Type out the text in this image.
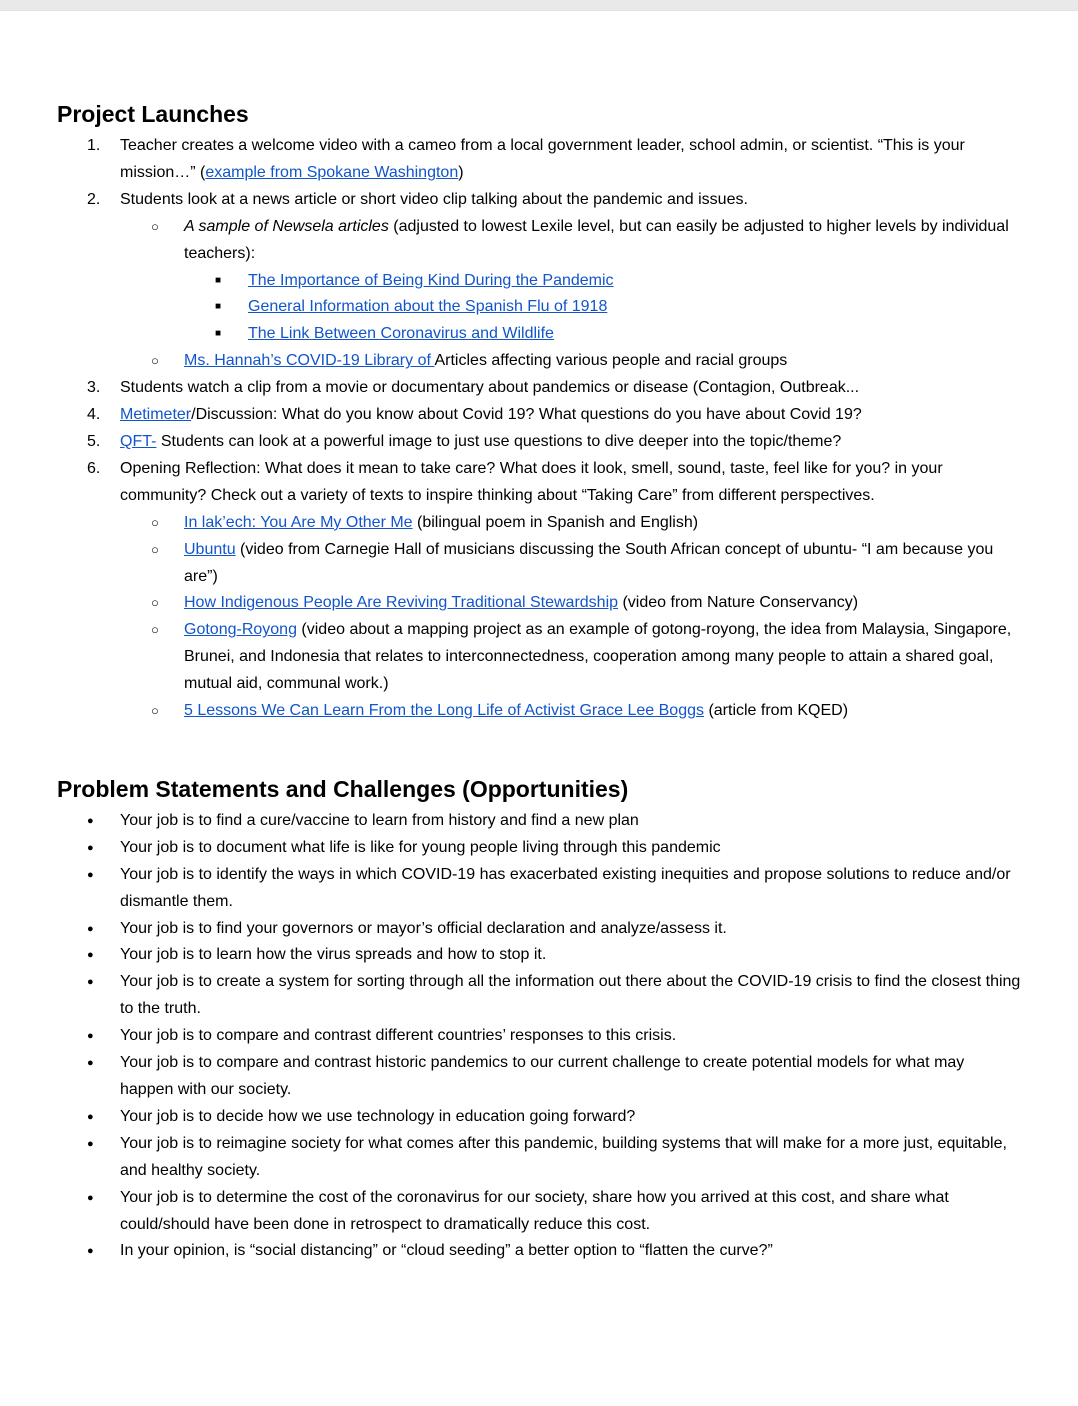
Project Launches
1.	Teacher creates a welcome video with a cameo from a local government leader, school admin, or scientist. “This is your mission…” (example from Spokane Washington)
2.	Students look at a news article or short video clip talking about the pandemic and issues.
○	A sample of Newsela articles (adjusted to lowest Lexile level, but can easily be adjusted to higher levels by individual teachers):
■	The Importance of Being Kind During the Pandemic
■	General Information about the Spanish Flu of 1918
■	The Link Between Coronavirus and Wildlife
○	Ms. Hannah’s COVID-19 Library of Articles affecting various people and racial groups
3.	Students watch a clip from a movie or documentary about pandemics or disease (Contagion, Outbreak...
4.	Metimeter/Discussion: What do you know about Covid 19? What questions do you have about Covid 19?
5.	QFT- Students can look at a powerful image to just use questions to dive deeper into the topic/theme?
6.	Opening Reflection: What does it mean to take care? What does it look, smell, sound, taste, feel like for you? in your community? Check out a variety of texts to inspire thinking about “Taking Care” from different perspectives.
○	In lak’ech: You Are My Other Me (bilingual poem in Spanish and English)
○	Ubuntu (video from Carnegie Hall of musicians discussing the South African concept of ubuntu- “I am because you are”)
○	How Indigenous People Are Reviving Traditional Stewardship (video from Nature Conservancy)
○	Gotong-Royong (video about a mapping project as an example of gotong-royong, the idea from Malaysia, Singapore, Brunei, and Indonesia that relates to interconnectedness, cooperation among many people to attain a shared goal, mutual aid, communal work.)
○	5 Lessons We Can Learn From the Long Life of Activist Grace Lee Boggs (article from KQED)
Problem Statements and Challenges (Opportunities)
●	Your job is to find a cure/vaccine to learn from history and find a new plan
●	Your job is to document what life is like for young people living through this pandemic
●	Your job is to identify the ways in which COVID-19 has exacerbated existing inequities and propose solutions to reduce and/or dismantle them.
●	Your job is to find your governors or mayor’s official declaration and analyze/assess it.
●	Your job is to learn how the virus spreads and how to stop it.
●	Your job is to create a system for sorting through all the information out there about the COVID-19 crisis to find the closest thing to the truth.
●	Your job is to compare and contrast different countries’ responses to this crisis.
●	Your job is to compare and contrast historic pandemics to our current challenge to create potential models for what may happen with our society.
●	Your job is to decide how we use technology in education going forward?
●	Your job is to reimagine society for what comes after this pandemic, building systems that will make for a more just, equitable, and healthy society.
●	Your job is to determine the cost of the coronavirus for our society, share how you arrived at this cost, and share what could/should have been done in retrospect to dramatically reduce this cost.
●	In your opinion, is “social distancing” or “cloud seeding” a better option to “flatten the curve?”
